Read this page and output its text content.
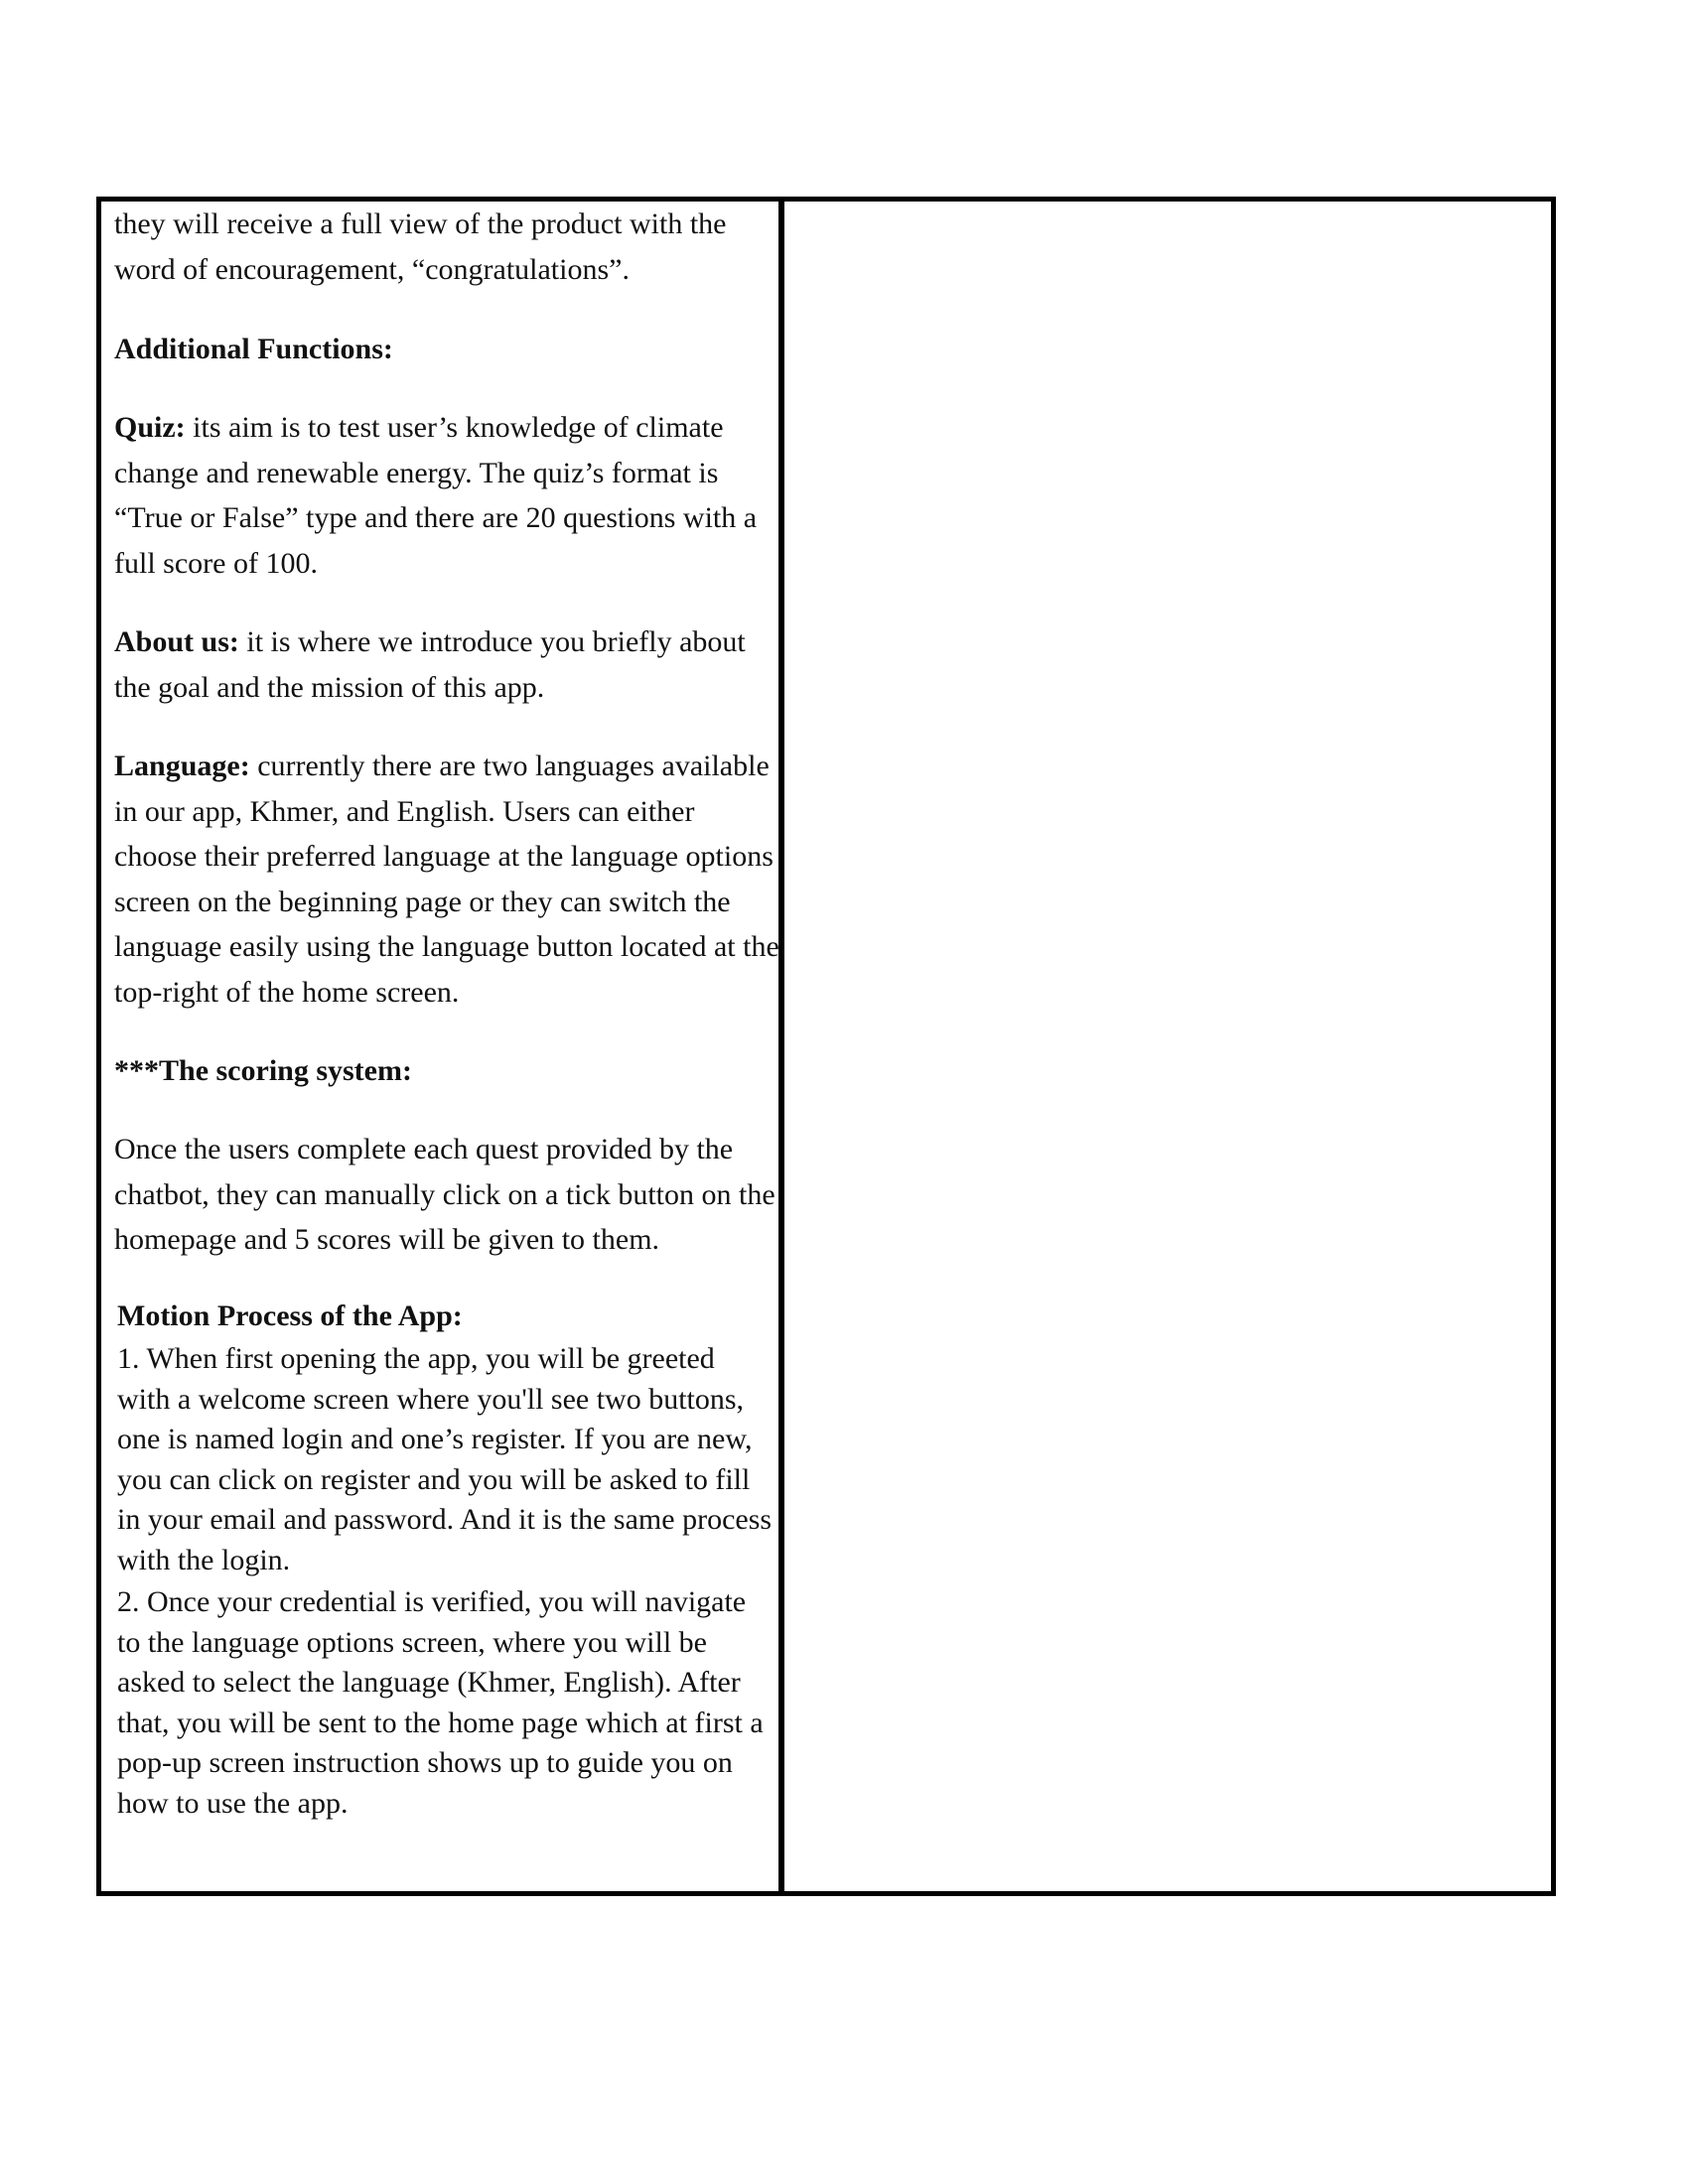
they will receive a full view of the product with the word of encouragement, “congratulations”.

Additional Functions:

Quiz: its aim is to test user’s knowledge of climate change and renewable energy. The quiz’s format is “True or False” type and there are 20 questions with a full score of 100.

About us: it is where we introduce you briefly about the goal and the mission of this app.

Language: currently there are two languages available in our app, Khmer, and English. Users can either choose their preferred language at the language options screen on the beginning page or they can switch the language easily using the language button located at the top-right of the home screen.

***The scoring system:

Once the users complete each quest provided by the chatbot, they can manually click on a tick button on the homepage and 5 scores will be given to them.

Motion Process of the App:

1. When first opening the app, you will be greeted with a welcome screen where you'll see two buttons, one is named login and one’s register. If you are new, you can click on register and you will be asked to fill in your email and password. And it is the same process with the login.

2. Once your credential is verified, you will navigate to the language options screen, where you will be asked to select the language (Khmer, English). After that, you will be sent to the home page which at first a pop-up screen instruction shows up to guide you on how to use the app.
